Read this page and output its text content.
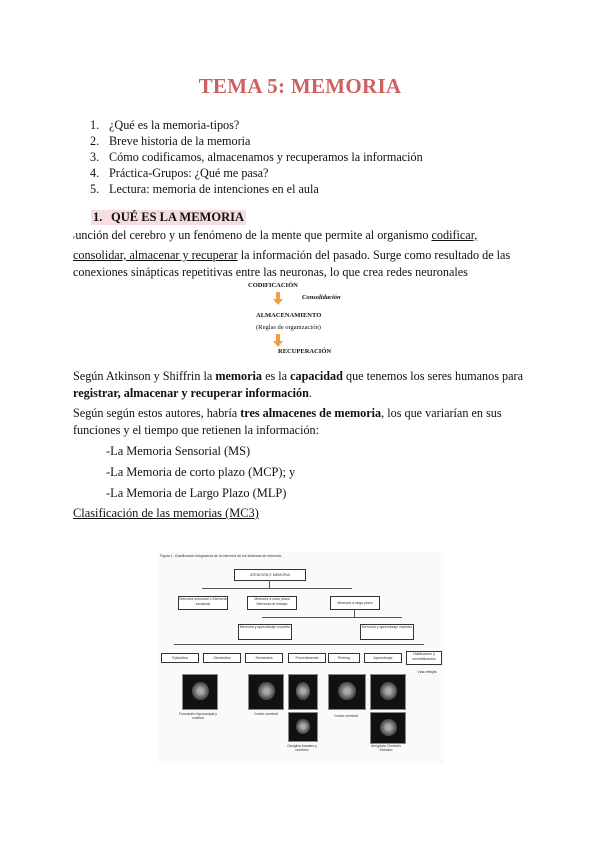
TEMA 5: MEMORIA
1. ¿Qué es la memoria-tipos?
2. Breve historia de la memoria
3. Cómo codificamos, almacenamos y recuperamos la información
4. Práctica-Grupos: ¿Qué me pasa?
5. Lectura: memoria de intenciones en el aula
1. QUÉ ES LA MEMORIA
Función del cerebro y un fenómeno de la mente que permite al organismo codificar, consolidar, almacenar y recuperar la información del pasado. Surge como resultado de las conexiones sinápticas repetitivas entre las neuronas, lo que crea redes neuronales
CODIFICACIÓN
Consolidación
ALMACENAMIENTO
(Reglas de organización)
RECUPERACIÓN
Según Atkinson y Shiffrin la memoria es la capacidad que tenemos los seres humanos para registrar, almacenar y recuperar información.
Según según estos autores, habría tres almacenes de memoria, los que variarían en sus funciones y el tiempo que retienen la información:
-La Memoria Sensorial (MS)
-La Memoria de corto plazo (MCP); y
-La Memoria de Largo Plazo (MLP)
Clasificación de las memorias (MC3)
Figura 1. Clasificación integradora de la memoria de los sistemas de memoria...
ATENCIÓN E MEMORIA
Memoria sensorial o Memoria sensorial
Memoria a corto plazo Memoria de trabajo	Memoria a largo plazo
Memoria y aprendizaje explícito	Memoria y aprendizaje implícito
Episódica	Semántica	Semántica	Procedimental	Priming	Aprendizaje
Habituación y sensibilización
Formación hipocampal y corteza
Cortex cerebral	Cortex cerebral
Ganglios basales y cerebelo
Amígdala Cerebelo Estriado
Vías reflejas
